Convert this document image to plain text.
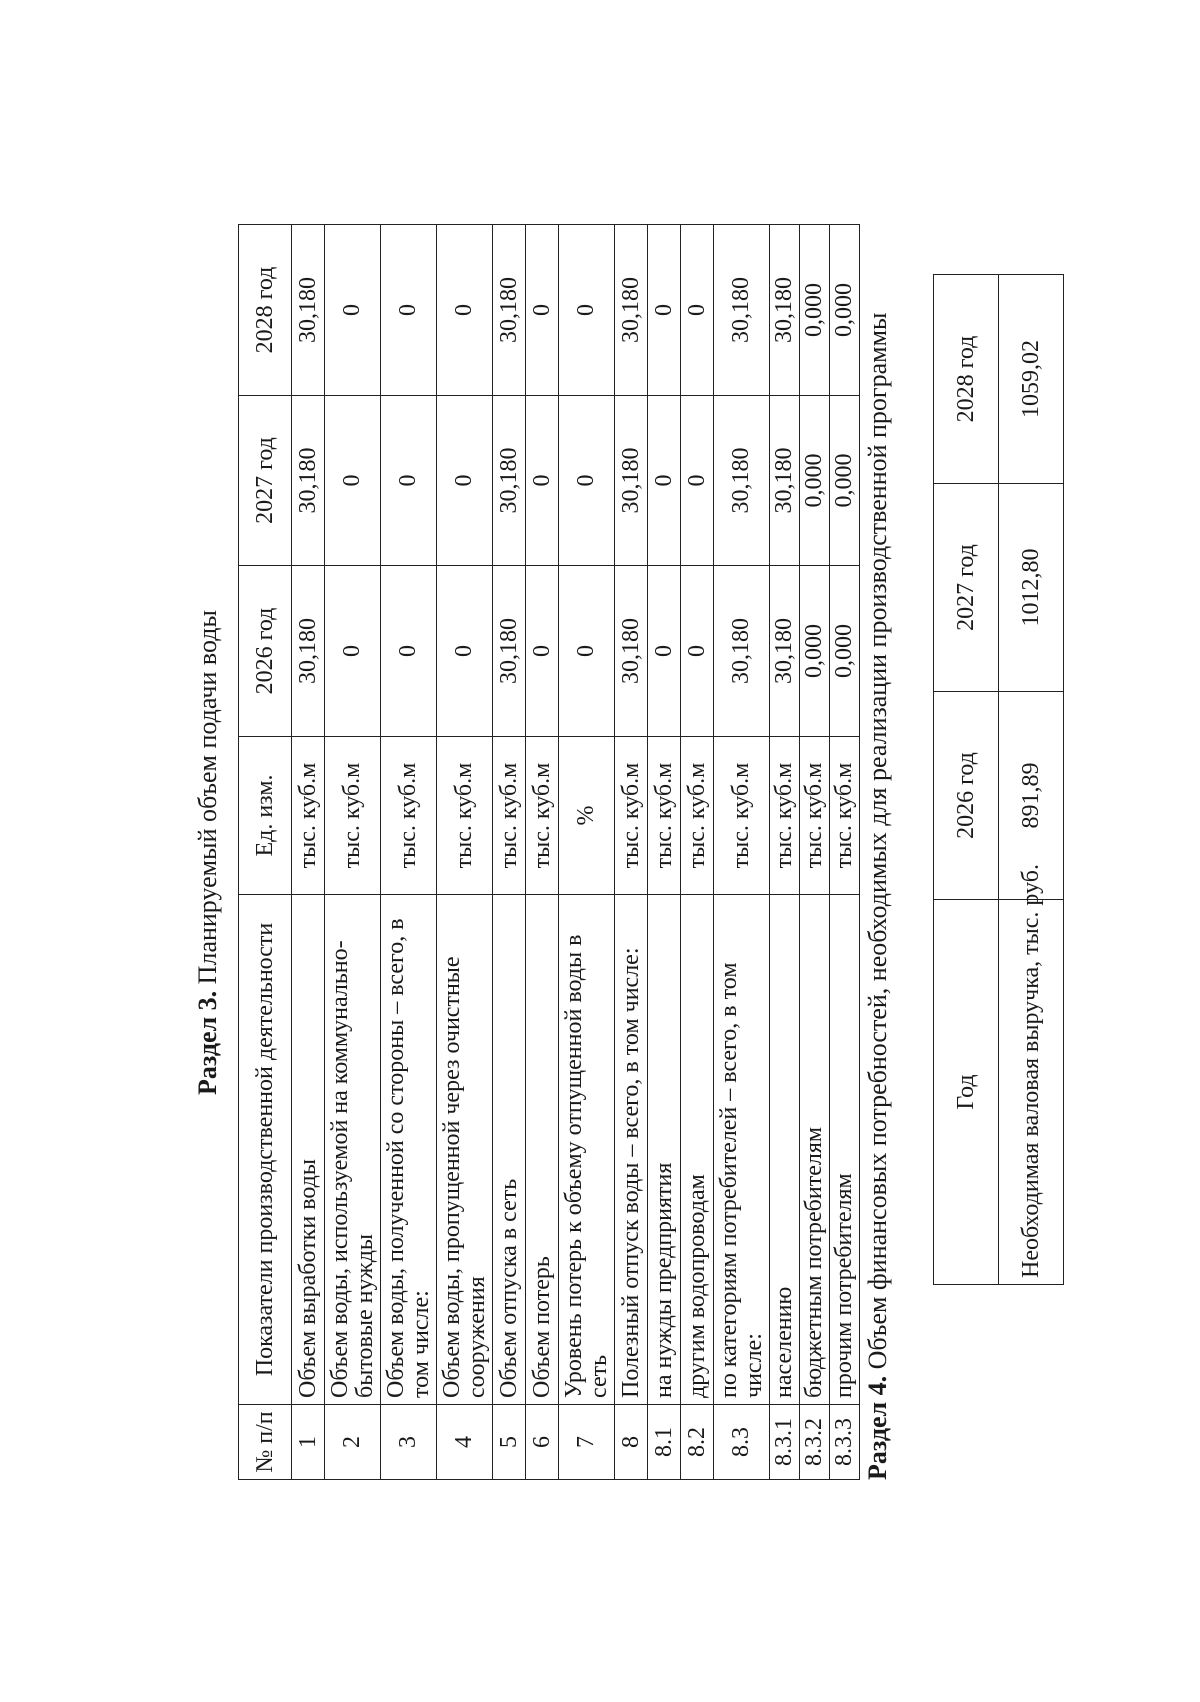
Раздел 3. Планируемый объем подачи воды
№ п/п	Показатели производственной деятельности	Ед. изм.	2026 год	2027 год	2028 год
1	Объем выработки воды	тыс. куб.м	30,180	30,180	30,180
2	Объем воды, используемой на коммунально-бытовые нужды	тыс. куб.м	0	0	0
3	Объем воды, полученной со стороны – всего, в том числе:	тыс. куб.м	0	0	0
4	Объем воды, пропущенной через очистные сооружения	тыс. куб.м	0	0	0
5	Объем отпуска в сеть	тыс. куб.м	30,180	30,180	30,180
6	Объем потерь	тыс. куб.м	0	0	0
7	Уровень потерь к объему отпущенной воды в сеть	%	0	0	0
8	Полезный отпуск воды – всего, в том числе:	тыс. куб.м	30,180	30,180	30,180
8.1	на нужды предприятия	тыс. куб.м	0	0	0
8.2	другим водопроводам	тыс. куб.м	0	0	0
8.3	по категориям потребителей – всего, в том числе:	тыс. куб.м	30,180	30,180	30,180
8.3.1	населению	тыс. куб.м	30,180	30,180	30,180
8.3.2	бюджетным потребителям	тыс. куб.м	0,000	0,000	0,000
8.3.3	прочим потребителям	тыс. куб.м	0,000	0,000	0,000
Раздел 4. Объем финансовых потребностей, необходимых для реализации производственной программы	Год	2026 год	2027 год	2028 год
Необходимая валовая выручка, тыс. руб.	891,89	1012,80	1059,02
